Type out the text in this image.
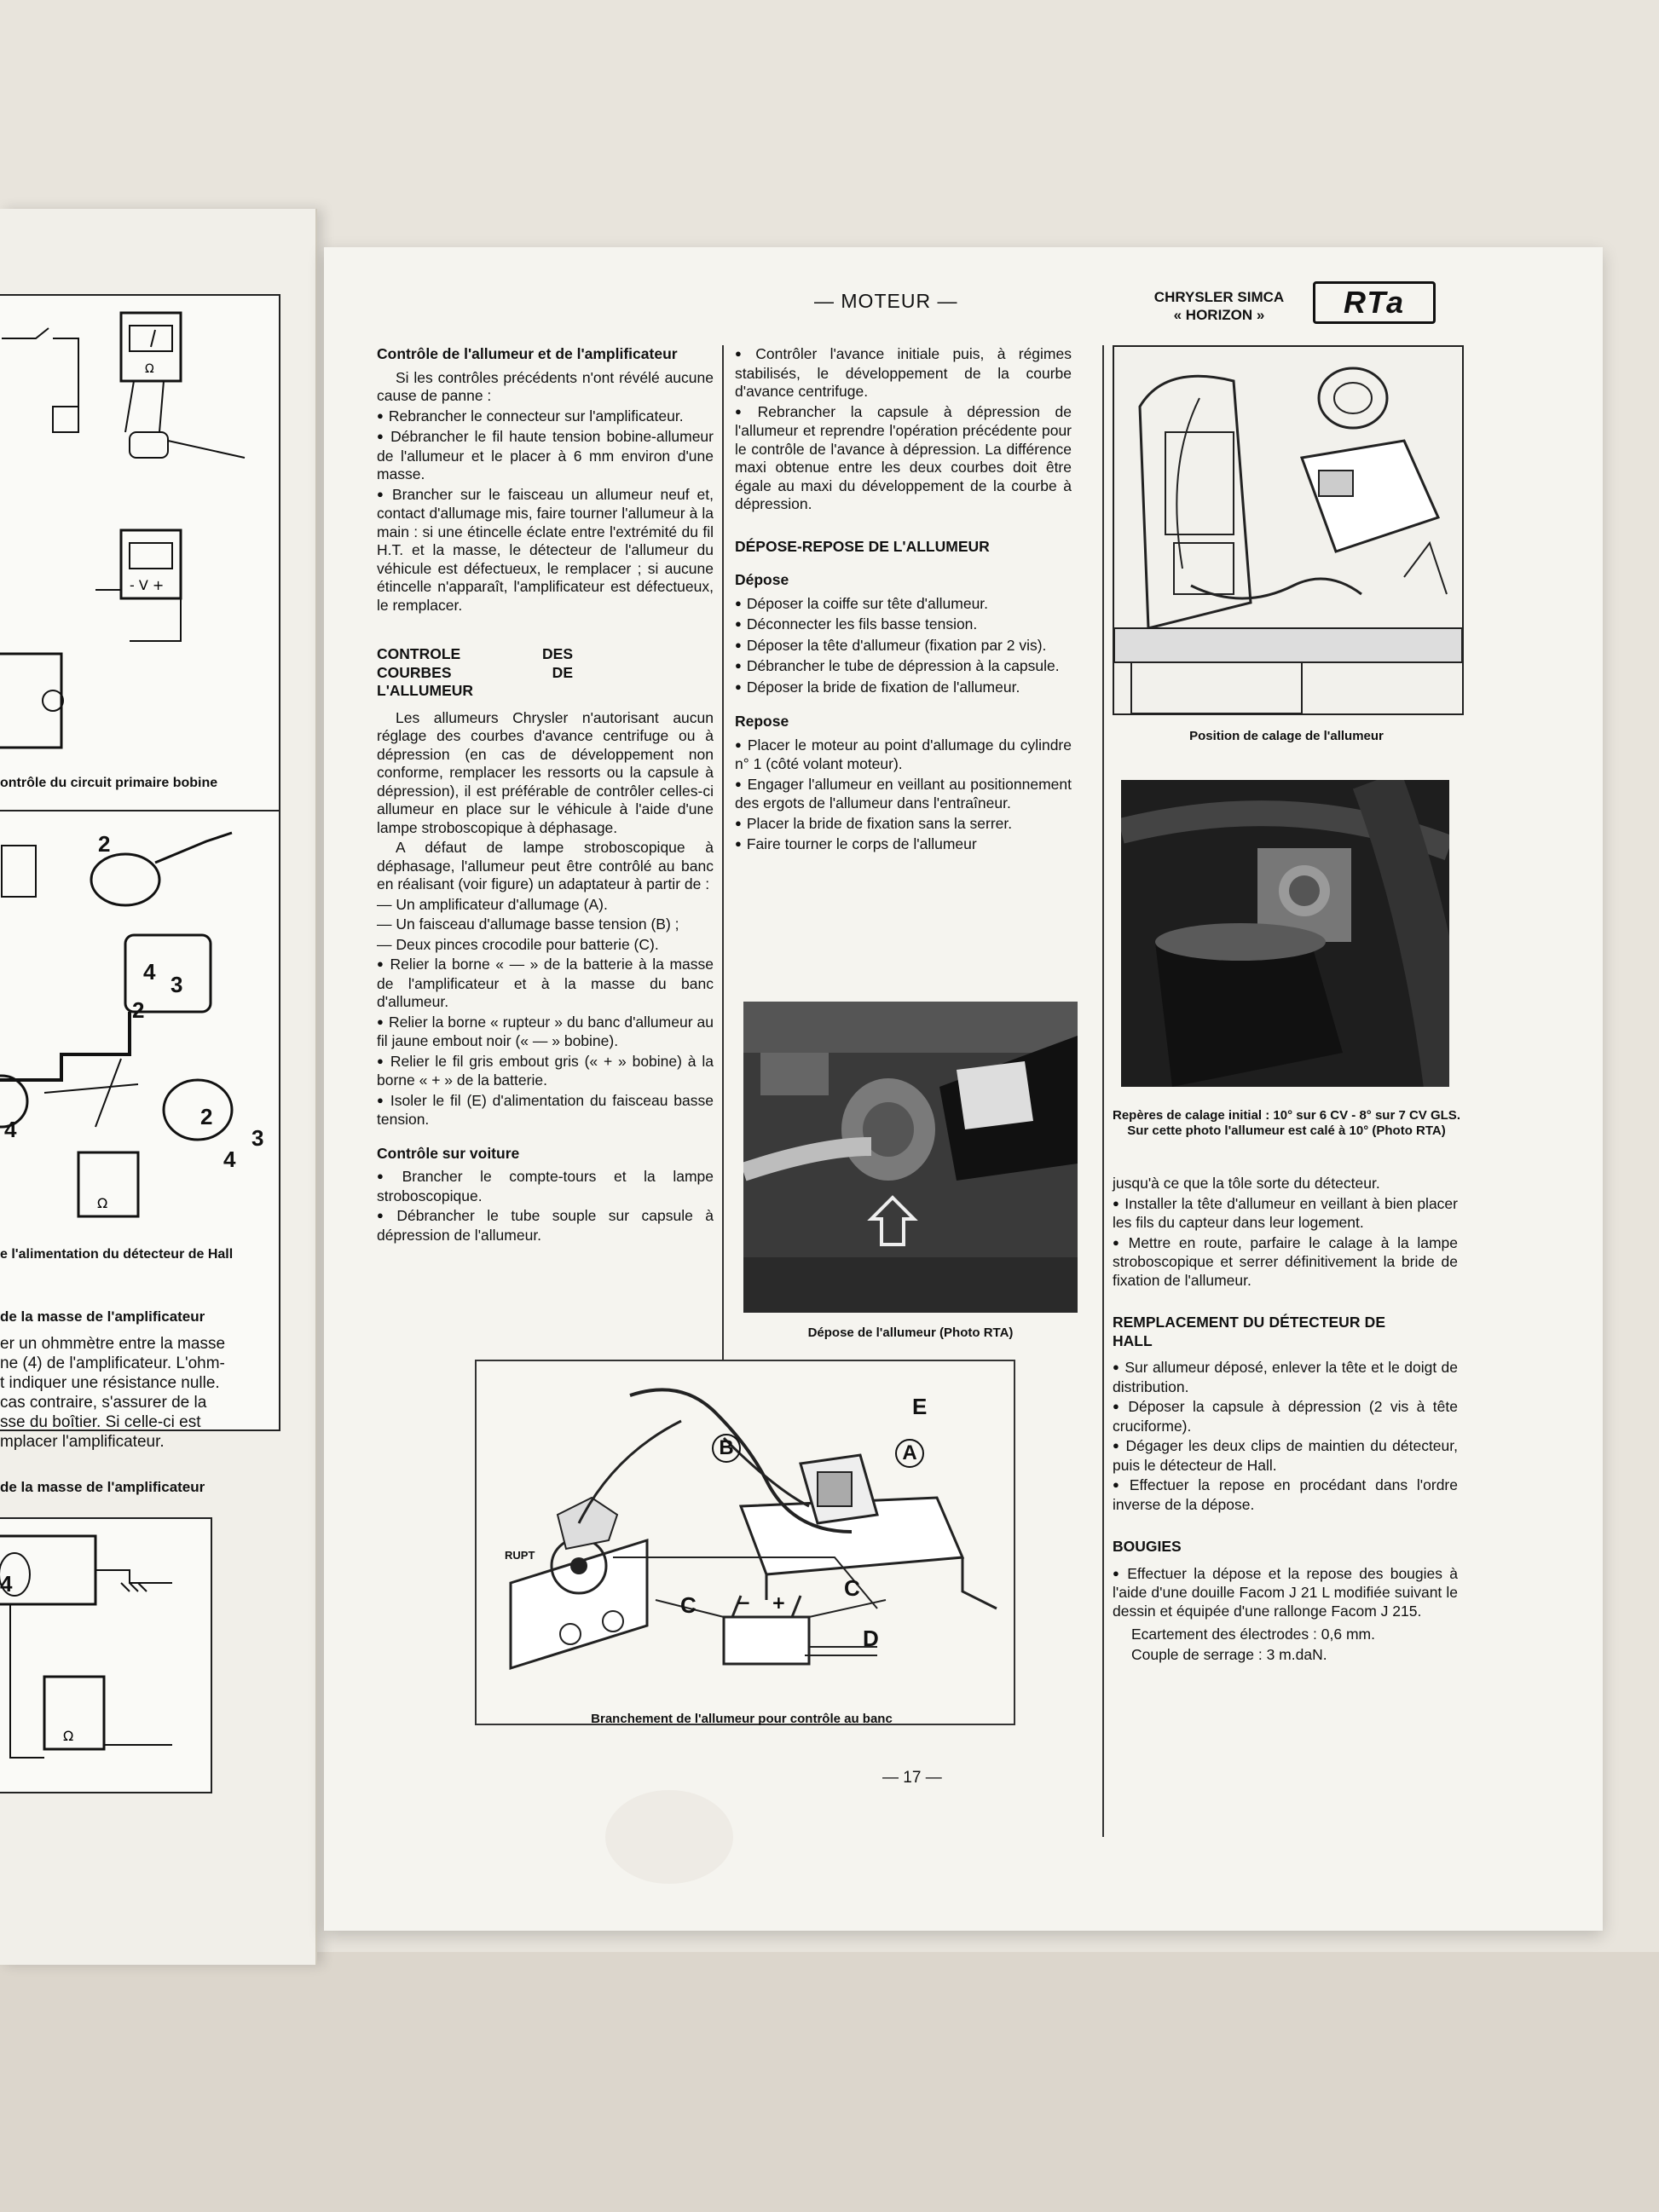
Ω
- V +
ontrôle du circuit primaire bobine
Ω
2
4 3
2
2
4	3
4
e l'alimentation du détecteur de Hall
de la masse de l'amplificateur
er un ohmmètre entre la masse
ne (4) de l'amplificateur. L'ohm-
t indiquer une résistance nulle.
cas contraire, s'assurer de la
sse du boîtier. Si celle-ci est
mplacer l'amplificateur.
de la masse de l'amplificateur
Ω
4
— MOTEUR —	CHRYSLER SIMCA
« HORIZON »	RTa

Contrôle de l'allumeur et de l'amplificateur

Si les contrôles précédents n'ont révélé aucune cause de panne :

● Rebrancher le connecteur sur l'amplificateur.

● Débrancher le fil haute tension bobine-allumeur de l'allumeur et le placer à 6 mm environ d'une masse.

● Brancher sur le faisceau un allumeur neuf et, contact d'allumage mis, faire tourner l'allumeur à la main : si une étincelle éclate entre l'extrémité du fil H.T. et la masse, le détecteur de l'allumeur du véhicule est défectueux, le remplacer ; si aucune étincelle n'apparaît, l'amplificateur est défectueux, le remplacer.

CONTROLE DES COURBES DE L'ALLUMEUR

Les allumeurs Chrysler n'autorisant aucun réglage des courbes d'avance centrifuge ou à dépression (en cas de développement non conforme, remplacer les ressorts ou la capsule à dépression), il est préférable de contrôler celles-ci allumeur en place sur le véhicule à l'aide d'une lampe stroboscopique à déphasage.

A défaut de lampe stroboscopique à déphasage, l'allumeur peut être contrôlé au banc en réalisant (voir figure) un adaptateur à partir de :

— Un amplificateur d'allumage (A).

— Un faisceau d'allumage basse tension (B) ;

— Deux pinces crocodile pour batterie (C).

● Relier la borne « — » de la batterie à la masse de l'amplificateur et à la masse du banc d'allumeur.

● Relier la borne « rupteur » du banc d'allumeur au fil jaune embout noir (« — » bobine).

● Relier le fil gris embout gris (« + » bobine) à la borne « + » de la batterie.

● Isoler le fil (E) d'alimentation du faisceau basse tension.

Contrôle sur voiture

● Brancher le compte-tours et la lampe stroboscopique.

● Débrancher le tube souple sur capsule à dépression de l'allumeur.

● Contrôler l'avance initiale puis, à régimes stabilisés, le développement de la courbe d'avance centrifuge.

● Rebrancher la capsule à dépression de l'allumeur et reprendre l'opération précédente pour le contrôle de l'avance à dépression. La différence maxi obtenue entre les deux courbes doit être égale au maxi du développement de la courbe à dépression.

DÉPOSE-REPOSE DE L'ALLUMEUR

Dépose

● Déposer la coiffe sur tête d'allumeur.

● Déconnecter les fils basse tension.

● Déposer la tête d'allumeur (fixation par 2 vis).

● Débrancher le tube de dépression à la capsule.

● Déposer la bride de fixation de l'allumeur.

Repose

● Placer le moteur au point d'allumage du cylindre n° 1 (côté volant moteur).

● Engager l'allumeur en veillant au positionnement des ergots de l'allumeur dans l'entraîneur.

● Placer la bride de fixation sans la serrer.

● Faire tourner le corps de l'allumeur

Dépose de l'allumeur (Photo RTA)
Position de calage de l'allumeur
Repères de calage initial : 10° sur 6 CV - 8° sur 7 CV GLS. Sur cette photo l'allumeur est calé à 10° (Photo RTA)

jusqu'à ce que la tôle sorte du détecteur.

● Installer la tête d'allumeur en veillant à bien placer les fils du capteur dans leur logement.

● Mettre en route, parfaire le calage à la lampe stroboscopique et serrer définitivement la bride de fixation de l'allumeur.

REMPLACEMENT DU DÉTECTEUR DE HALL

● Sur allumeur déposé, enlever la tête et le doigt de distribution.

● Déposer la capsule à dépression (2 vis à tête cruciforme).

● Dégager les deux clips de maintien du détecteur, puis le détecteur de Hall.

● Effectuer la repose en procédant dans l'ordre inverse de la dépose.

BOUGIES

● Effectuer la dépose et la repose des bougies à l'aide d'une douille Facom J 21 L modifiée suivant le dessin et équipée d'une rallonge Facom J 215.

Ecartement des électrodes : 0,6 mm.

Couple de serrage : 3 m.daN.

+
−
E
B	A
RUPT
C
C
D
Branchement de l'allumeur pour contrôle au banc
— 17 —
